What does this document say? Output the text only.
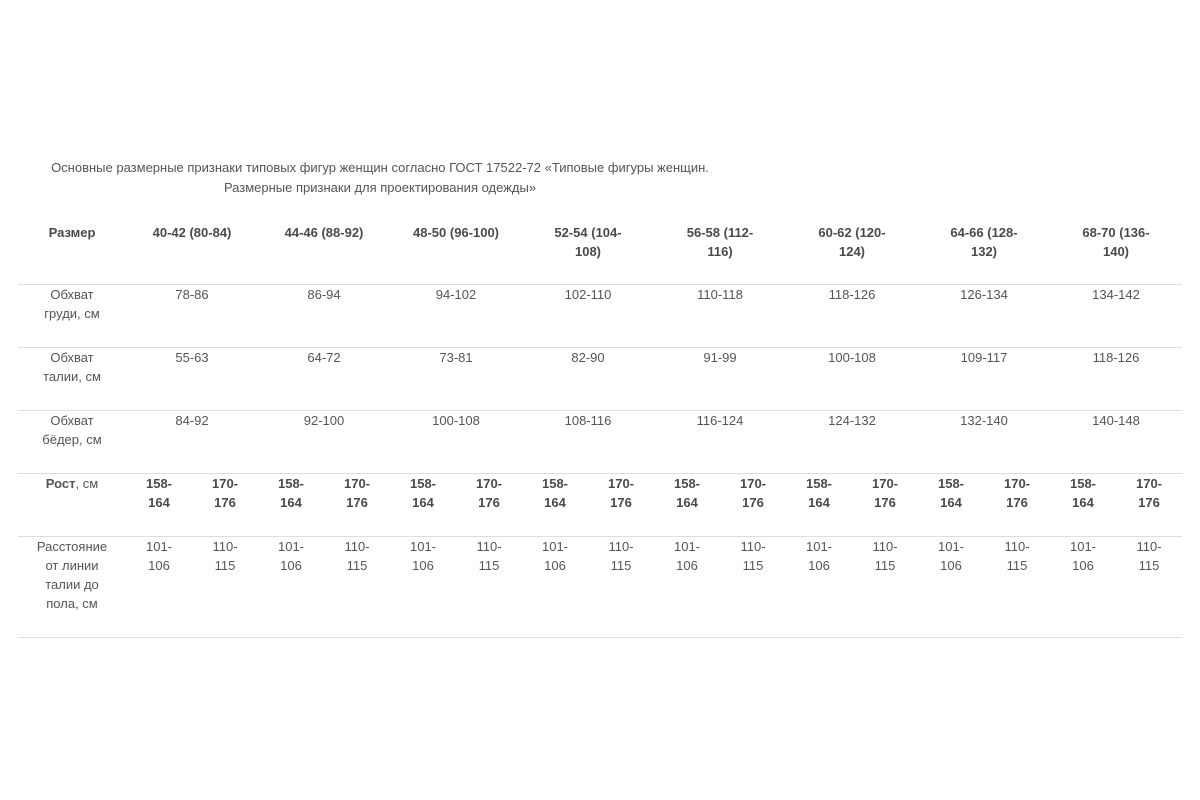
Основные размерные признаки типовых фигур женщин согласно ГОСТ 17522-72 «Типовые фигуры женщин.
Размерные признаки для проектирования одежды»
Размер	40-42 (80-84)		44-46 (88-92)		48-50 (96-100)		52-54 (104-108)		56-58 (112-116)		60-62 (120-124)		64-66 (128-132)		68-70 (136-140)	

Обхват груди, см	78-86		86-94		94-102		102-110		110-118		118-126		126-134		134-142	

Обхват талии, см	55-63		64-72		73-81		82-90		91-99		100-108		109-117		118-126	

Обхват бёдер, см	84-92		92-100		100-108		108-116		116-124		124-132		132-140		140-148	
Рост, см	158-164	170-176	158-164	170-176	158-164	170-176	158-164	170-176	158-164	170-176	158-164	170-176	158-164	170-176	158-164	170-176

Расстояние от линии талии до пола, см	101-106	110-115	101-106	110-115	101-106	110-115	101-106	110-115	101-106	110-115	101-106	110-115	101-106	110-115	101-106	110-115
